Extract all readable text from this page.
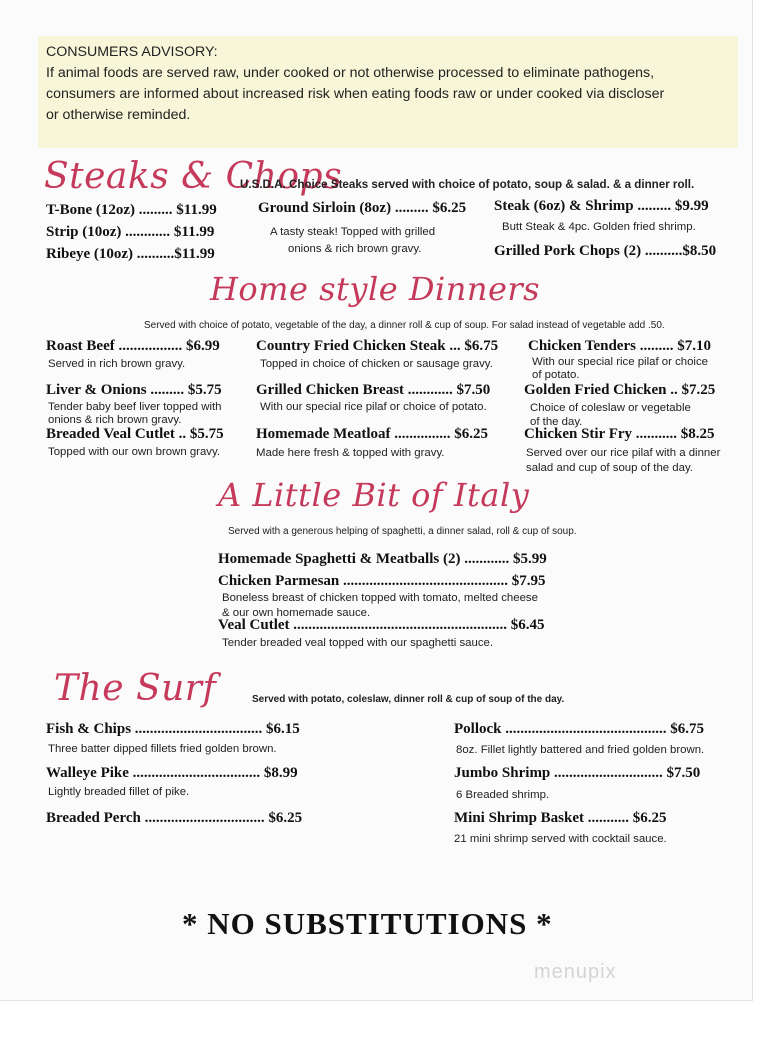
CONSUMERS ADVISORY:
If animal foods are served raw, under cooked or not otherwise processed to eliminate pathogens,
consumers are informed about increased risk when eating foods raw or under cooked via discloser
or otherwise reminded.
Steaks & Chops
U.S.D.A. Choice Steaks served with choice of potato, soup & salad. & a dinner roll.
T-Bone (12oz) ......... $11.99
Strip (10oz) ............ $11.99
Ribeye (10oz) ..........$11.99
Ground Sirloin (8oz) ......... $6.25
A tasty steak! Topped with grilled
onions & rich brown gravy.
Steak (6oz) & Shrimp ......... $9.99
Butt Steak & 4pc. Golden fried shrimp.
Grilled Pork Chops (2) ..........$8.50
Home style Dinners
Served with choice of potato, vegetable of the day, a dinner roll & cup of soup. For salad instead of vegetable add .50.
Roast Beef ................. $6.99
Served in rich brown gravy.
Liver & Onions ......... $5.75
Tender baby beef liver topped with
onions & rich brown gravy.
Breaded Veal Cutlet .. $5.75
Topped with our own brown gravy.
Country Fried Chicken Steak ... $6.75
Topped in choice of chicken or sausage gravy.
Grilled Chicken Breast ............ $7.50
With our special rice pilaf or choice of potato.
Homemade Meatloaf ............... $6.25
Made here fresh & topped with gravy.
Chicken Tenders ......... $7.10
With our special rice pilaf or choice
of potato.
Golden Fried Chicken .. $7.25
Choice of coleslaw or vegetable
of the day.
Chicken Stir Fry ........... $8.25
Served over our rice pilaf with a dinner
salad and cup of soup of the day.
A Little Bit of Italy
Served with a generous helping of spaghetti, a dinner salad, roll & cup of soup.
Homemade Spaghetti & Meatballs (2) ............ $5.99
Chicken Parmesan ............................................ $7.95
Boneless breast of chicken topped with tomato, melted cheese
& our own homemade sauce.
Veal Cutlet ......................................................... $6.45
Tender breaded veal topped with our spaghetti sauce.
The Surf	Served with potato, coleslaw, dinner roll & cup of soup of the day.
Fish & Chips .................................. $6.15
Three batter dipped fillets fried golden brown.
Walleye Pike .................................. $8.99
Lightly breaded fillet of pike.
Breaded Perch ................................ $6.25
Pollock ........................................... $6.75
8oz. Fillet lightly battered and fried golden brown.
Jumbo Shrimp ............................. $7.50
6 Breaded shrimp.
Mini Shrimp Basket ........... $6.25
21 mini shrimp served with cocktail sauce.
* NO SUBSTITUTIONS *
menupix
